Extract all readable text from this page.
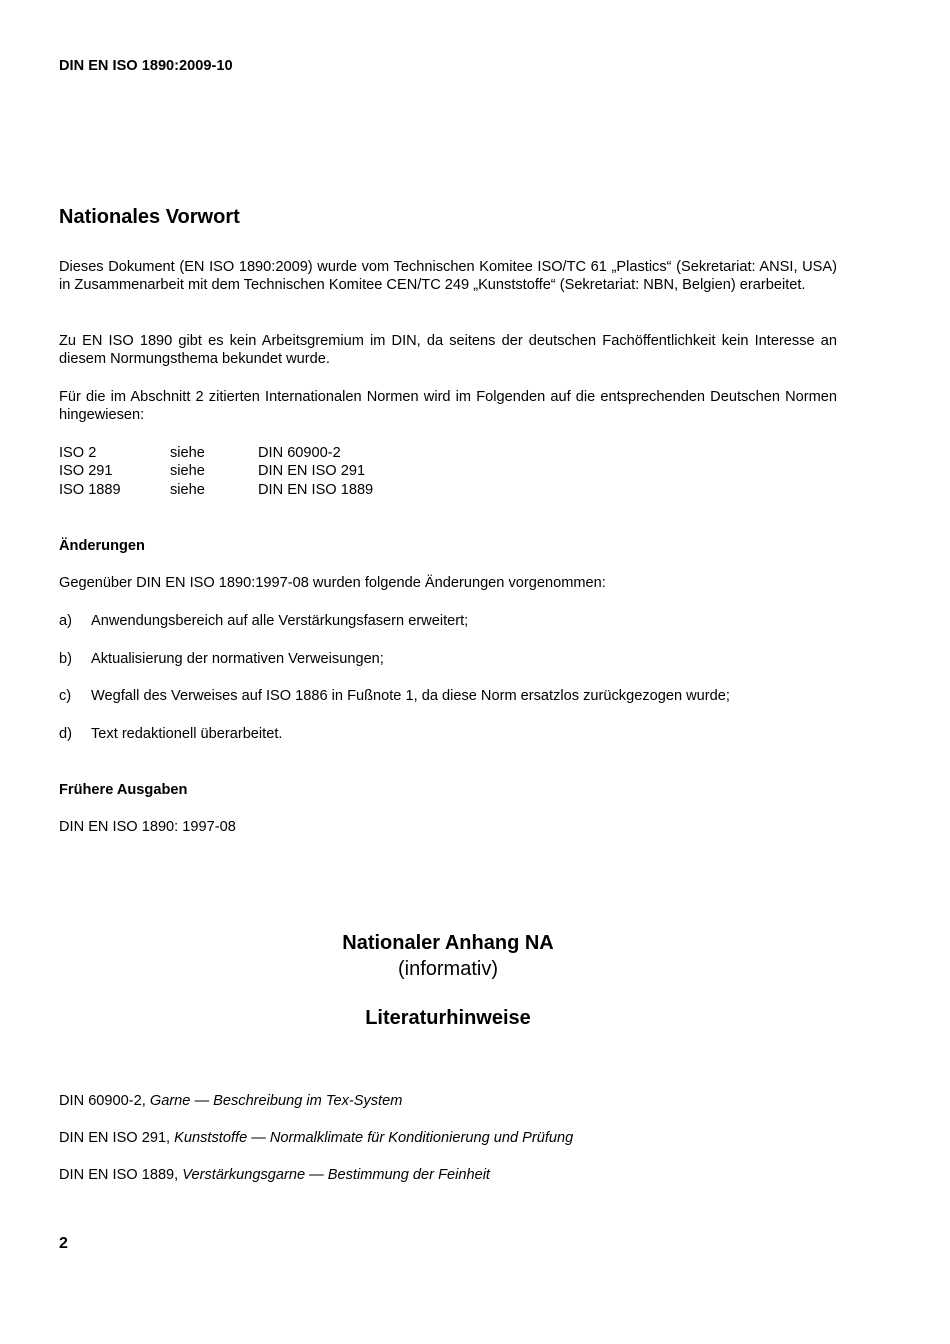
DIN EN ISO 1890:2009-10
Nationales Vorwort
Dieses Dokument (EN ISO 1890:2009) wurde vom Technischen Komitee ISO/TC 61 „Plastics“ (Sekretariat: ANSI, USA) in Zusammenarbeit mit dem Technischen Komitee CEN/TC 249 „Kunststoffe“ (Sekretariat: NBN, Belgien) erarbeitet.
Zu EN ISO 1890 gibt es kein Arbeitsgremium im DIN, da seitens der deutschen Fachöffentlichkeit kein Interesse an diesem Normungsthema bekundet wurde.
Für die im Abschnitt 2 zitierten Internationalen Normen wird im Folgenden auf die entsprechenden Deutschen Normen hingewiesen:
ISO 2	siehe	DIN 60900-2
ISO 291	siehe	DIN EN ISO 291
ISO 1889	siehe	DIN EN ISO 1889
Änderungen
Gegenüber DIN EN ISO 1890:1997-08 wurden folgende Änderungen vorgenommen:
a)	Anwendungsbereich auf alle Verstärkungsfasern erweitert;
b)	Aktualisierung der normativen Verweisungen;
c)	Wegfall des Verweises auf ISO 1886 in Fußnote 1, da diese Norm ersatzlos zurückgezogen wurde;
d)	Text redaktionell überarbeitet.
Frühere Ausgaben
DIN EN ISO 1890: 1997-08
Nationaler Anhang NA
(informativ)
Literaturhinweise
DIN 60900-2, Garne — Beschreibung im Tex-System
DIN EN ISO 291, Kunststoffe — Normalklimate für Konditionierung und Prüfung
DIN EN ISO 1889, Verstärkungsgarne — Bestimmung der Feinheit
2
